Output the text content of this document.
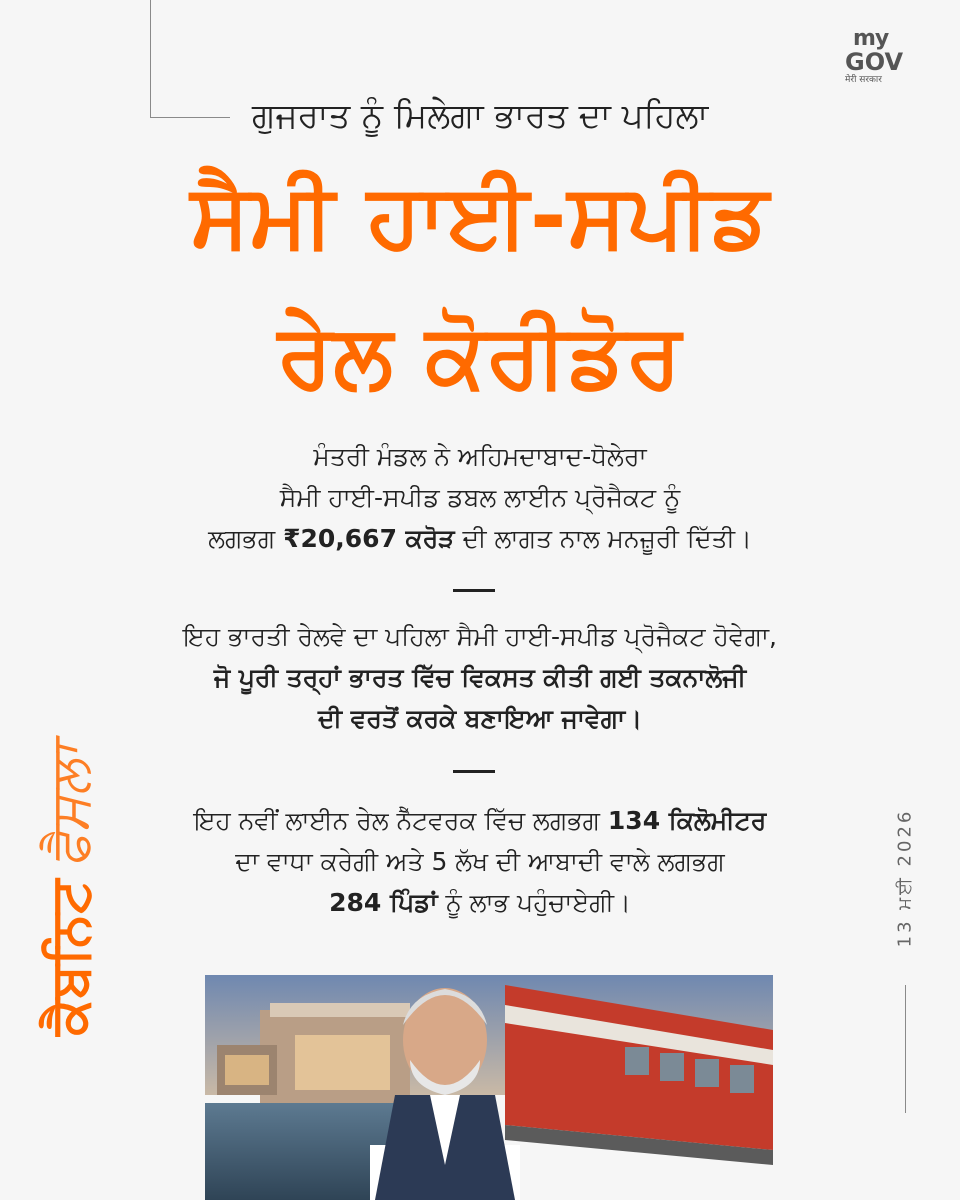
my
GOV
मेरी सरकार
ਗੁਜਰਾਤ ਨੂੰ ਮਿਲੇਗਾ ਭਾਰਤ ਦਾ ਪਹਿਲਾ
ਸੈਮੀ ਹਾਈ-ਸਪੀਡ
ਰੇਲ ਕੋਰੀਡੋਰ
ਮੰਤਰੀ ਮੰਡਲ ਨੇ ਅਹਿਮਦਾਬਾਦ-ਧੋਲੇਰਾ
ਸੈਮੀ ਹਾਈ-ਸਪੀਡ ਡਬਲ ਲਾਈਨ ਪ੍ਰੋਜੈਕਟ ਨੂੰ
ਲਗਭਗ ₹20,667 ਕਰੋੜ ਦੀ ਲਾਗਤ ਨਾਲ ਮਨਜ਼ੂਰੀ ਦਿੱਤੀ।
ਇਹ ਭਾਰਤੀ ਰੇਲਵੇ ਦਾ ਪਹਿਲਾ ਸੈਮੀ ਹਾਈ-ਸਪੀਡ ਪ੍ਰੋਜੈਕਟ ਹੋਵੇਗਾ,
ਜੋ ਪੂਰੀ ਤਰ੍ਹਾਂ ਭਾਰਤ ਵਿੱਚ ਵਿਕਸਤ ਕੀਤੀ ਗਈ ਤਕਨਾਲੋਜੀ
ਦੀ ਵਰਤੋਂ ਕਰਕੇ ਬਣਾਇਆ ਜਾਵੇਗਾ।
ਇਹ ਨਵੀਂ ਲਾਈਨ ਰੇਲ ਨੈੱਟਵਰਕ ਵਿੱਚ ਲਗਭਗ 134 ਕਿਲੋਮੀਟਰ
ਦਾ ਵਾਧਾ ਕਰੇਗੀ ਅਤੇ 5 ਲੱਖ ਦੀ ਆਬਾਦੀ ਵਾਲੇ ਲਗਭਗ
284 ਪਿੰਡਾਂ ਨੂੰ ਲਾਭ ਪਹੁੰਚਾਏਗੀ।
ਕੈਬਨਿਟਫੈਸਲਾ
13 ਮਈ 2026
